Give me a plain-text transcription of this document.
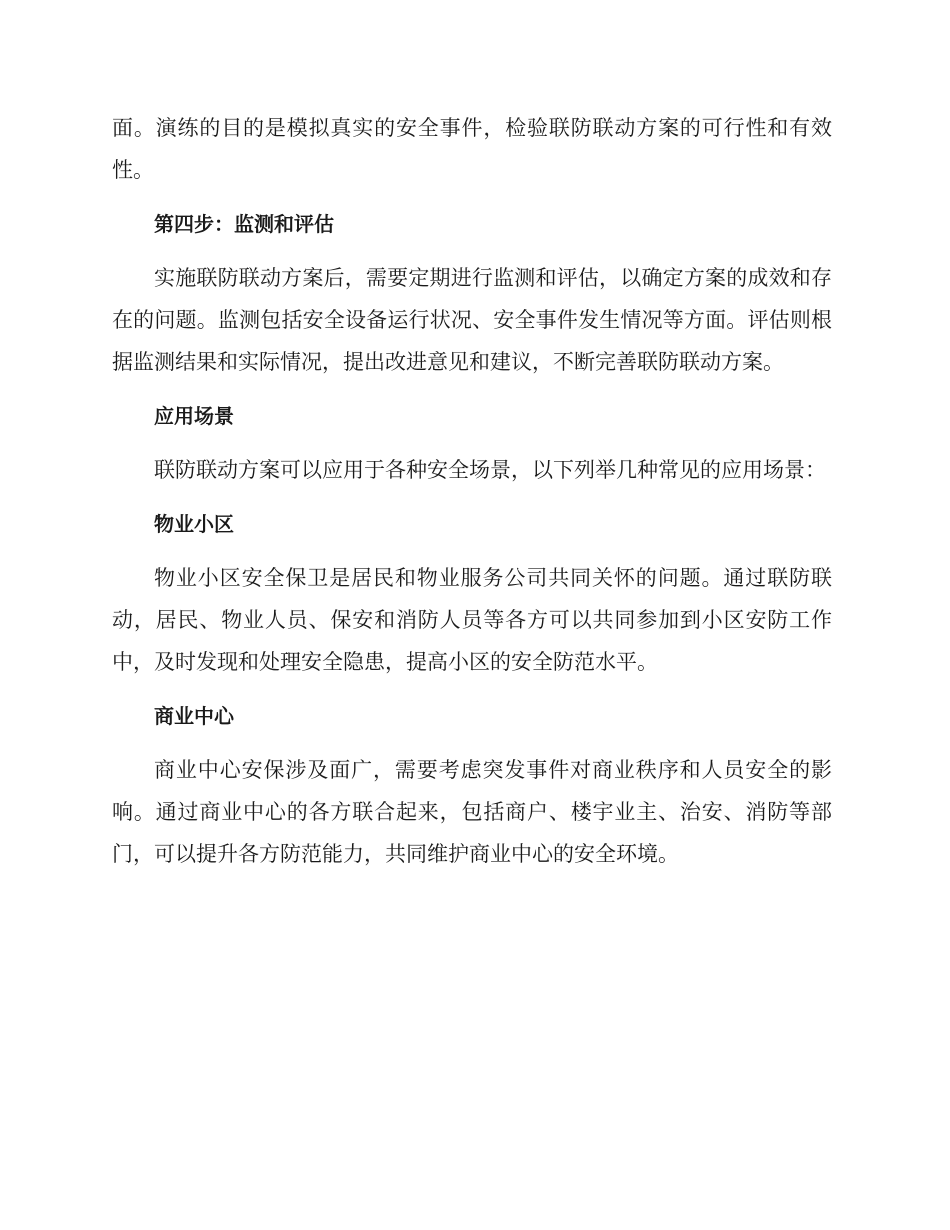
面。演练的目的是模拟真实的安全事件，检验联防联动方案的可行性和有效性。

第四步：监测和评估

实施联防联动方案后，需要定期进行监测和评估，以确定方案的成效和存在的问题。监测包括安全设备运行状况、安全事件发生情况等方面。评估则根据监测结果和实际情况，提出改进意见和建议，不断完善联防联动方案。

应用场景

联防联动方案可以应用于各种安全场景，以下列举几种常见的应用场景：

物业小区

物业小区安全保卫是居民和物业服务公司共同关怀的问题。通过联防联动，居民、物业人员、保安和消防人员等各方可以共同参加到小区安防工作中，及时发现和处理安全隐患，提高小区的安全防范水平。

商业中心

商业中心安保涉及面广，需要考虑突发事件对商业秩序和人员安全的影响。通过商业中心的各方联合起来，包括商户、楼宇业主、治安、消防等部门，可以提升各方防范能力，共同维护商业中心的安全环境。
